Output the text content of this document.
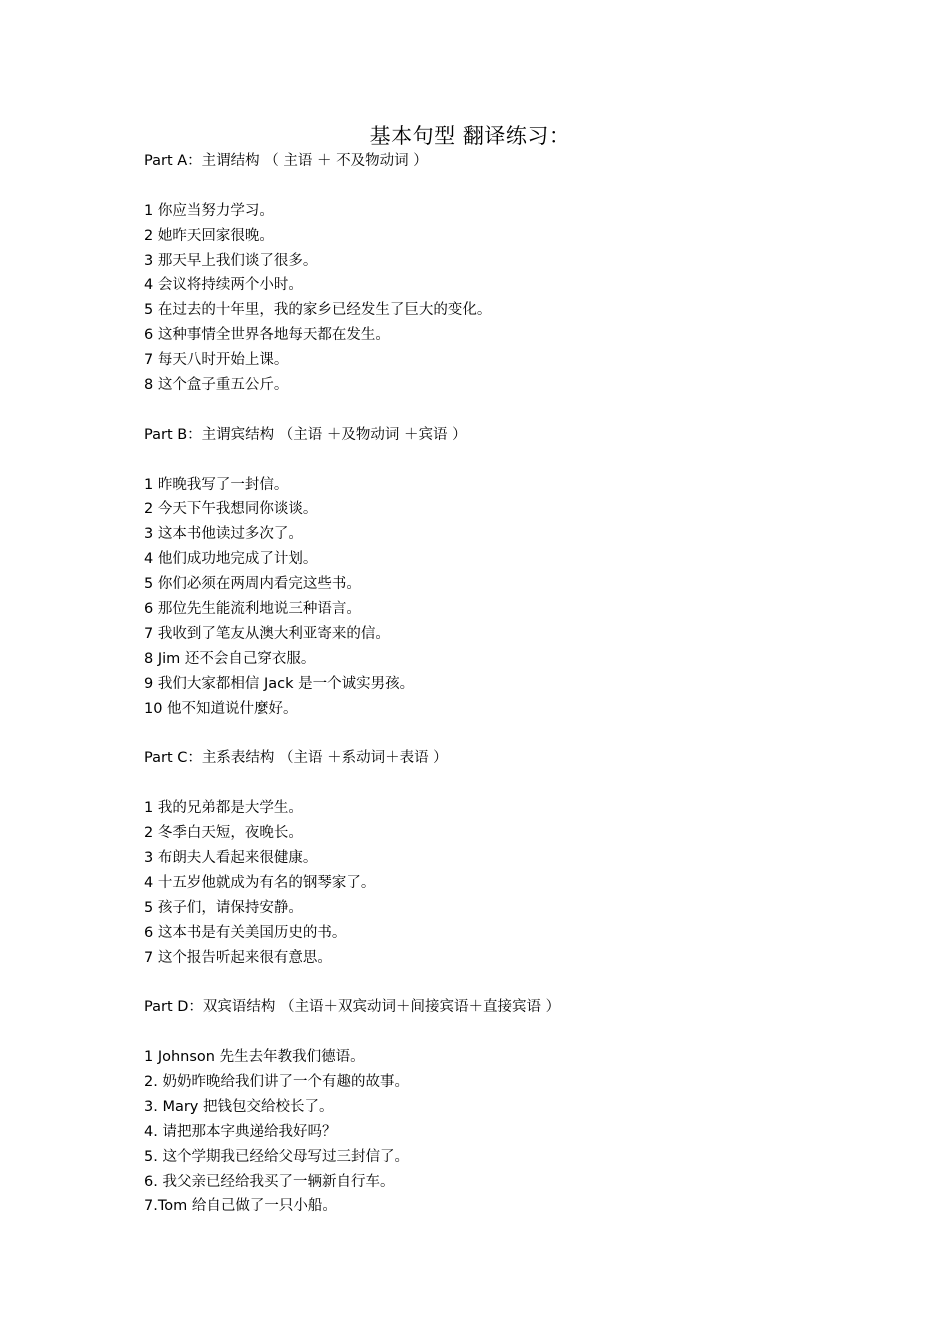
基本句型 翻译练习：
Part A：主谓结构 （ 主语 ＋ 不及物动词 ）
1 你应当努力学习。
2 她昨天回家很晚。
3 那天早上我们谈了很多。
4 会议将持续两个小时。
5 在过去的十年里，我的家乡已经发生了巨大的变化。
6 这种事情全世界各地每天都在发生。
7 每天八时开始上课。
8 这个盒子重五公斤。
Part B：主谓宾结构 （主语 ＋及物动词 ＋宾语 ）
1 昨晚我写了一封信。
2 今天下午我想同你谈谈。
3 这本书他读过多次了。
4 他们成功地完成了计划。
5 你们必须在两周内看完这些书。
6 那位先生能流利地说三种语言。
7 我收到了笔友从澳大利亚寄来的信。
8 Jim 还不会自己穿衣服。
9 我们大家都相信 Jack 是一个诚实男孩。
10 他不知道说什麼好。
Part C：主系表结构 （主语 ＋系动词＋表语 ）
1 我的兄弟都是大学生。
2 冬季白天短，夜晚长。
3 布朗夫人看起来很健康。
4 十五岁他就成为有名的钢琴家了。
5 孩子们，请保持安静。
6 这本书是有关美国历史的书。
7 这个报告听起来很有意思。
Part D：双宾语结构 （主语＋双宾动词＋间接宾语＋直接宾语 ）
1 Johnson 先生去年教我们德语。
2. 奶奶昨晚给我们讲了一个有趣的故事。
3. Mary 把钱包交给校长了。
4. 请把那本字典递给我好吗？
5. 这个学期我已经给父母写过三封信了。
6. 我父亲已经给我买了一辆新自行车。
7.Tom 给自己做了一只小船。
